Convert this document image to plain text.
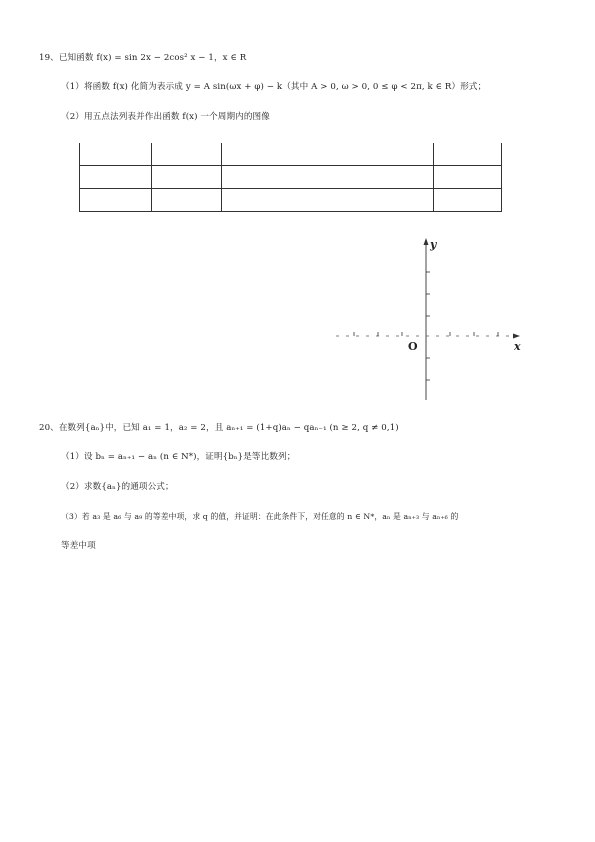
19、已知函数 f(x) = sin 2x − 2cos² x − 1，x ∈ R
（1）将函数 f(x) 化简为表示成 y = A sin(ωx + φ) − k（其中 A > 0, ω > 0, 0 ≤ φ < 2π, k ∈ R）形式；
（2）用五点法列表并作出函数 f(x) 一个周期内的图像

y
x
O
20、在数列{aₙ}中，已知 a₁ = 1，a₂ = 2，且 aₙ₊₁ = (1+q)aₙ − qaₙ₋₁ (n ≥ 2, q ≠ 0,1)
（1）设 bₙ = aₙ₊₁ − aₙ (n ∈ N*)，证明{bₙ}是等比数列；
（2）求数{aₙ}的通项公式；
（3）若 a₃ 是 a₆ 与 a₉ 的等差中项，求 q 的值，并证明：在此条件下，对任意的 n ∈ N*，aₙ 是 aₙ₊₃ 与 aₙ₊₆ 的
等差中项
